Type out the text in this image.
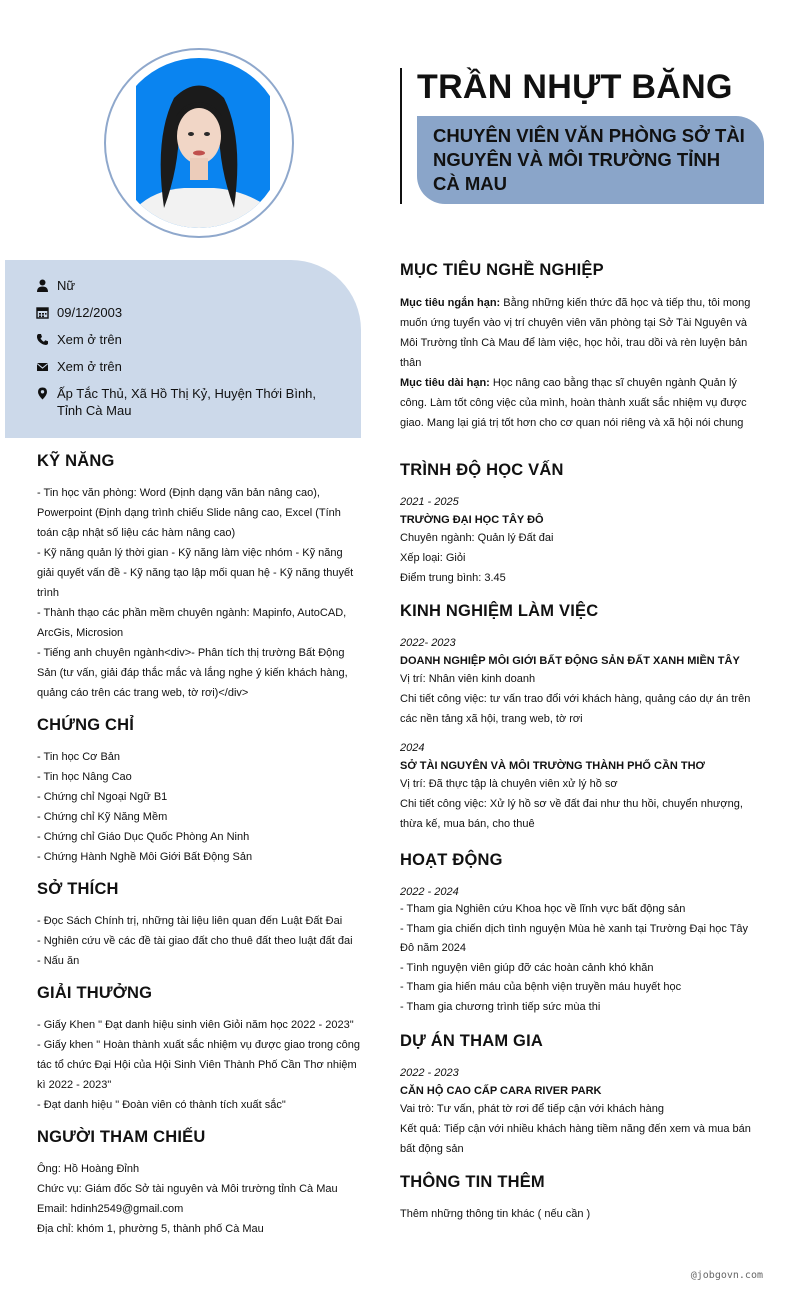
TRẦN NHỰT BĂNG
CHUYÊN VIÊN VĂN PHÒNG SỞ TÀI NGUYÊN VÀ MÔI TRƯỜNG TỈNH CÀ MAU
Nữ
09/12/2003
Xem ở trên
Xem ở trên
Ấp Tắc Thủ, Xã Hồ Thị Kỷ, Huyện Thới Bình, Tỉnh Cà Mau
KỸ NĂNG
- Tin học văn phòng: Word (Định dạng văn bản nâng cao), Powerpoint (Định dạng trình chiếu Slide nâng cao, Excel (Tính toán cập nhật số liệu các hàm nâng cao)
- Kỹ năng quản lý thời gian - Kỹ năng làm việc nhóm - Kỹ năng giải quyết vấn đề - Kỹ năng tạo lập mối quan hệ - Kỹ năng thuyết trình
- Thành thạo các phần mềm chuyên ngành: Mapinfo, AutoCAD, ArcGis, Microsion
- Tiếng anh chuyên ngành<div>- Phân tích thị trường Bất Động Sản (tư vấn, giải đáp thắc mắc và lắng nghe ý kiến khách hàng, quảng cáo trên các trang web, tờ rơi)</div>
CHỨNG CHỈ
- Tin học Cơ Bản
- Tin học Nâng Cao
- Chứng chỉ Ngoại Ngữ B1
- Chứng chỉ Kỹ Năng Mềm
- Chứng chỉ Giáo Dục Quốc Phòng An Ninh
- Chứng Hành Nghề Môi Giới Bất Động Sản
SỞ THÍCH
- Đọc Sách Chính trị, những tài liệu liên quan đến Luật Đất Đai
- Nghiên cứu về các đề tài giao đất cho thuê đất theo luật đất đai
- Nấu ăn
GIẢI THƯỞNG
- Giấy Khen " Đạt danh hiệu sinh viên Giỏi năm học 2022 - 2023"
- Giấy khen " Hoàn thành xuất sắc nhiệm vụ được giao trong công tác tổ chức Đại Hội của Hội Sinh Viên Thành Phố Cần Thơ nhiệm kì 2022 - 2023"
- Đạt danh hiệu " Đoàn viên có thành tích xuất sắc"
NGƯỜI THAM CHIẾU
Ông: Hồ Hoàng Đỉnh
Chức vụ: Giám đốc Sở tài nguyên và Môi trường tỉnh Cà Mau
Email: hdinh2549@gmail.com
Địa chỉ: khóm 1, phường 5, thành phố Cà Mau
MỤC TIÊU NGHỀ NGHIỆP
Mục tiêu ngắn hạn: Bằng những kiến thức đã học và tiếp thu, tôi mong muốn ứng tuyển vào vị trí chuyên viên văn phòng tại Sở Tài Nguyên và Môi Trường tỉnh Cà Mau để làm việc, học hỏi, trau dồi và rèn luyện bản thân
Mục tiêu dài hạn: Học nâng cao bằng thạc sĩ chuyên ngành Quản lý công. Làm tốt công việc của mình, hoàn thành xuất sắc nhiệm vụ được giao. Mang lại giá trị tốt hơn cho cơ quan nói riêng và xã hội nói chung
TRÌNH ĐỘ HỌC VẤN
2021 - 2025
TRƯỜNG ĐẠI HỌC TÂY ĐÔ
Chuyên ngành: Quản lý Đất đai
Xếp loại: Giỏi
Điểm trung bình: 3.45
KINH NGHIỆM LÀM VIỆC
2022- 2023
DOANH NGHIỆP MÔI GIỚI BẤT ĐỘNG SẢN ĐẤT XANH MIỀN TÂY
Vị trí: Nhân viên kinh doanh
Chi tiết công việc: tư vấn trao đổi với khách hàng, quảng cáo dự án trên các nền tảng xã hội, trang web, tờ rơi
2024
SỞ TÀI NGUYÊN VÀ MÔI TRƯỜNG THÀNH PHỐ CẦN THƠ
Vị trí: Đã thực tập là chuyên viên xử lý hồ sơ
Chi tiết công việc: Xử lý hồ sơ về đất đai như thu hồi, chuyển nhượng, thừa kế, mua bán, cho thuê
HOẠT ĐỘNG
2022 - 2024
- Tham gia Nghiên cứu Khoa học về lĩnh vực bất động sản
- Tham gia chiến dịch tình nguyện Mùa hè xanh tại Trường Đại học Tây Đô năm 2024
- Tình nguyện viên giúp đỡ các hoàn cảnh khó khăn
- Tham gia hiến máu của bệnh viện truyền máu huyết học
- Tham gia chương trình tiếp sức mùa thi
DỰ ÁN THAM GIA
2022 - 2023
CĂN HỘ CAO CẤP CARA RIVER PARK
Vai trò: Tư vấn, phát tờ rơi để tiếp cận với khách hàng
Kết quả: Tiếp cận với nhiều khách hàng tiềm năng đến xem và mua bán bất động sản
THÔNG TIN THÊM
Thêm những thông tin khác ( nếu cần )
@jobgovn.com
